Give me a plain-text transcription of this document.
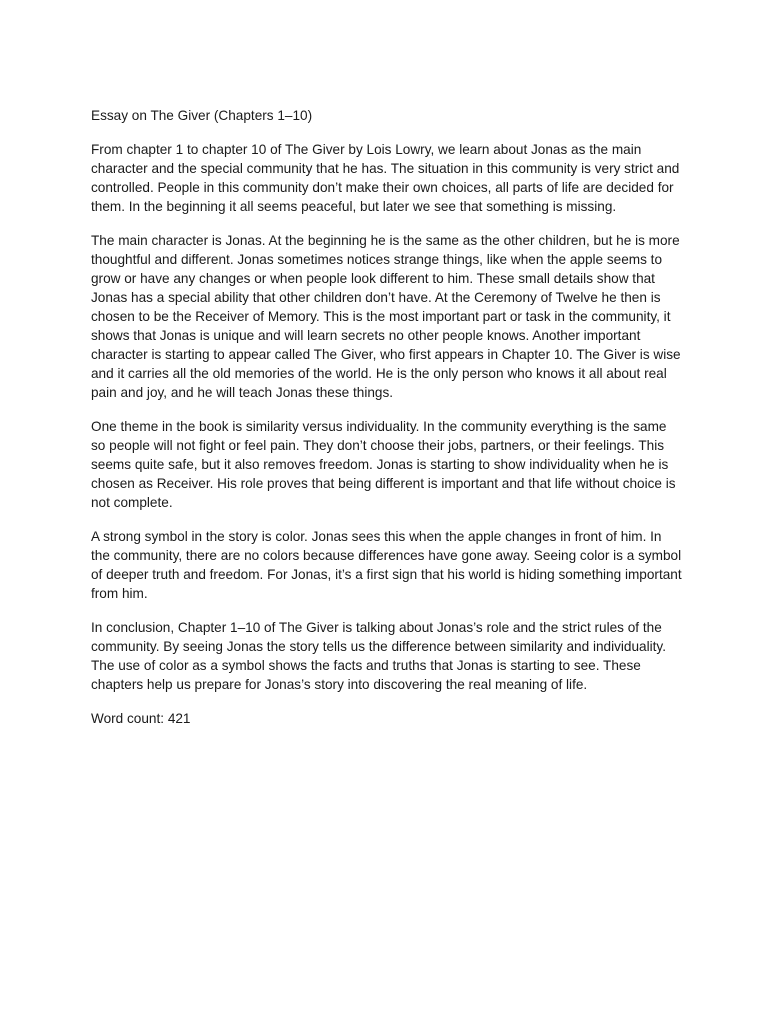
Essay on The Giver (Chapters 1–10)

From chapter 1 to chapter 10 of The Giver by Lois Lowry, we learn about Jonas as the main character and the special community that he has. The situation in this community is very strict and controlled. People in this community don’t make their own choices, all parts of life are decided for them. In the beginning it all seems peaceful, but later we see that something is missing.

The main character is Jonas. At the beginning he is the same as the other children, but he is more thoughtful and different. Jonas sometimes notices strange things, like when the apple seems to grow or have any changes or when people look different to him. These small details show that Jonas has a special ability that other children don’t have. At the Ceremony of Twelve he then is chosen to be the Receiver of Memory. This is the most important part or task in the community, it shows that Jonas is unique and will learn secrets no other people knows. Another important character is starting to appear called The Giver, who first appears in Chapter 10. The Giver is wise and it carries all the old memories of the world. He is the only person who knows it all about real pain and joy, and he will teach Jonas these things.

One theme in the book is similarity versus individuality. In the community everything is the same so people will not fight or feel pain. They don’t choose their jobs, partners, or their feelings. This seems quite safe, but it also removes freedom. Jonas is starting to show individuality when he is chosen as Receiver. His role proves that being different is important and that life without choice is not complete.

A strong symbol in the story is color. Jonas sees this when the apple changes in front of him. In the community, there are no colors because differences have gone away. Seeing color is a symbol of deeper truth and freedom. For Jonas, it’s a first sign that his world is hiding something important from him.

In conclusion, Chapter 1–10 of The Giver is talking about Jonas’s role and the strict rules of the community. By seeing Jonas the story tells us the difference between similarity and individuality. The use of color as a symbol shows the facts and truths that Jonas is starting to see. These chapters help us prepare for Jonas’s story into discovering the real meaning of life.

Word count: 421
